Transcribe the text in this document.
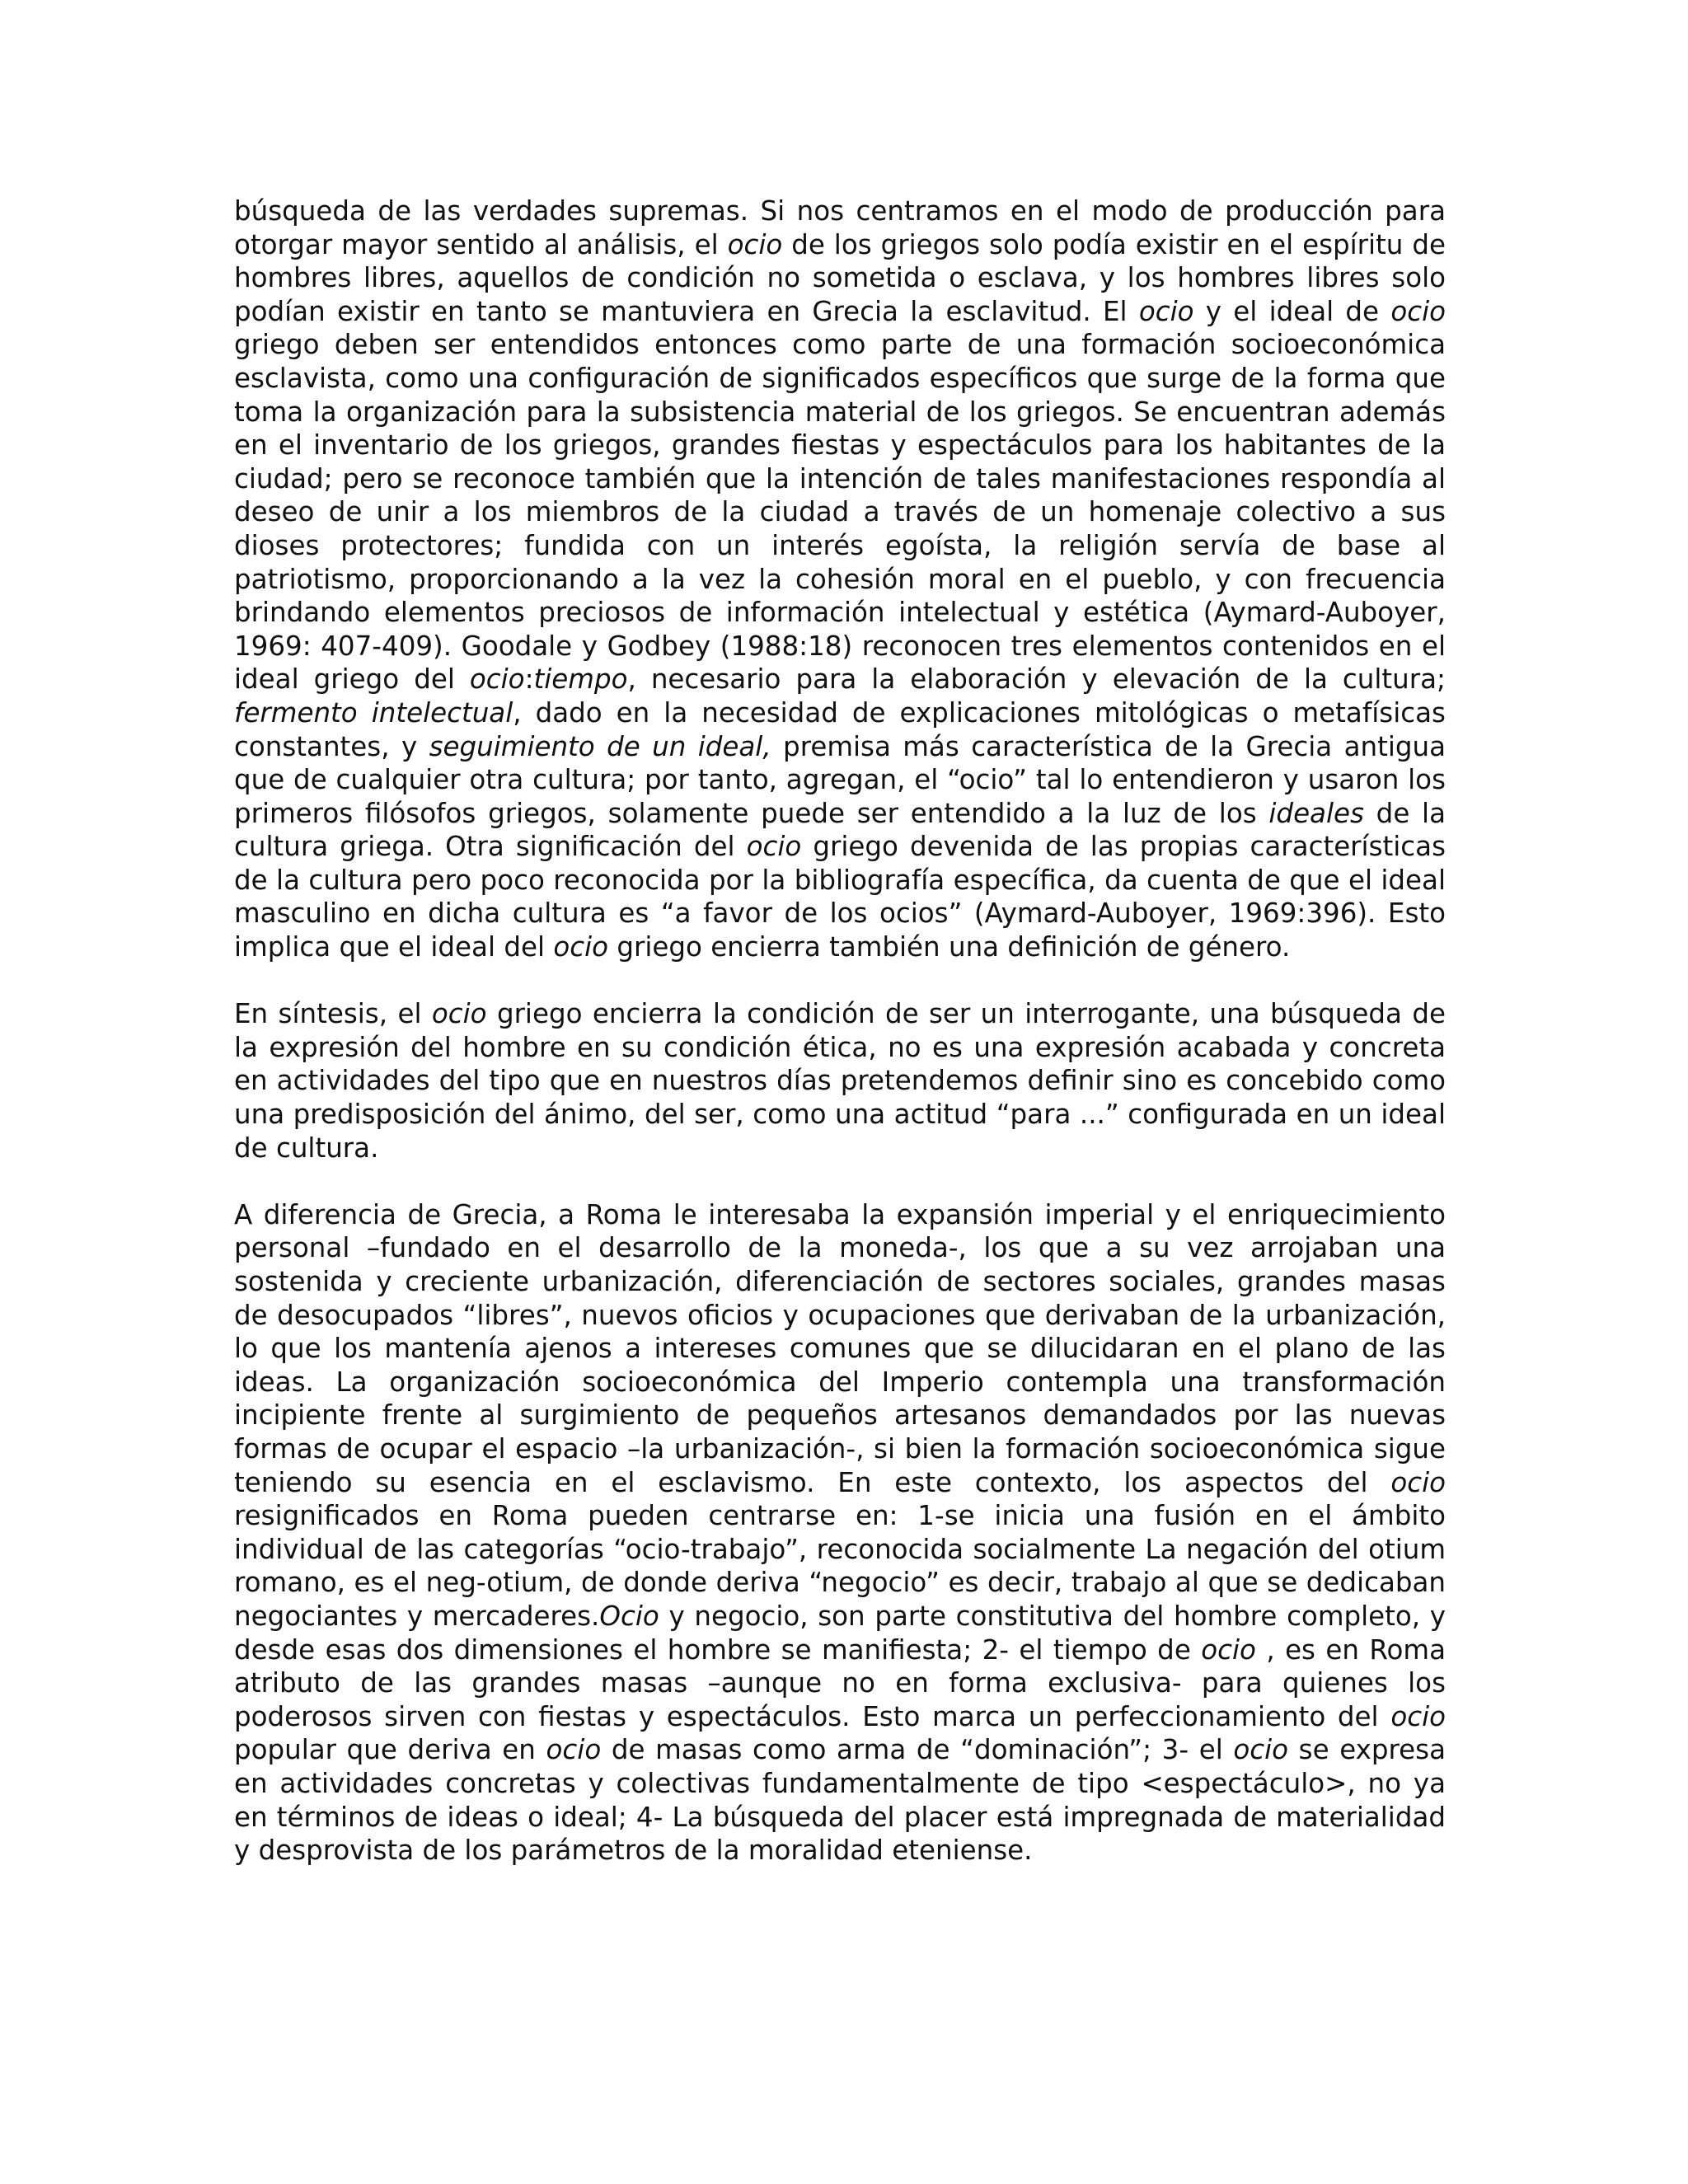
búsqueda de las verdades supremas. Si nos centramos en el modo de producción para otorgar mayor sentido al análisis, el ocio de los griegos solo podía existir en el espíritu de hombres libres, aquellos de condición no sometida o esclava, y los hombres libres solo podían existir en tanto se mantuviera en Grecia la esclavitud. El ocio y el ideal de ocio griego deben ser entendidos entonces como parte de una formación socioeconómica esclavista, como una configuración de significados específicos que surge de la forma que toma la organización para la subsistencia material de los griegos. Se encuentran además en el inventario de los griegos, grandes fiestas y espectáculos para los habitantes de la ciudad; pero se reconoce también que la intención de tales manifestaciones respondía al deseo de unir a los miembros de la ciudad a través de un homenaje colectivo a sus dioses protectores; fundida con un interés egoísta, la religión servía de base al patriotismo, proporcionando a la vez la cohesión moral en el pueblo, y con frecuencia brindando elementos preciosos de información intelectual y estética (Aymard-Auboyer, 1969: 407-409). Goodale y Godbey (1988:18) reconocen tres elementos contenidos en el ideal griego del ocio:tiempo, necesario para la elaboración y elevación de la cultura; fermento intelectual, dado en la necesidad de explicaciones mitológicas o metafísicas constantes, y seguimiento de un ideal, premisa más característica de la Grecia antigua que de cualquier otra cultura; por tanto, agregan, el “ocio” tal lo entendieron y usaron los primeros filósofos griegos, solamente puede ser entendido a la luz de los ideales de la cultura griega. Otra significación del ocio griego devenida de las propias características de la cultura pero poco reconocida por la bibliografía específica, da cuenta de que el ideal masculino en dicha cultura es “a favor de los ocios” (Aymard-Auboyer, 1969:396). Esto implica que el ideal del ocio griego encierra también una definición de género.

En síntesis, el ocio griego encierra la condición de ser un interrogante, una búsqueda de la expresión del hombre en su condición ética, no es una expresión acabada y concreta en actividades del tipo que en nuestros días pretendemos definir sino es concebido como una predisposición del ánimo, del ser, como una actitud “para ...” configurada en un ideal de cultura.

A diferencia de Grecia, a Roma le interesaba la expansión imperial y el enriquecimiento personal –fundado en el desarrollo de la moneda-, los que a su vez arrojaban una sostenida y creciente urbanización, diferenciación de sectores sociales, grandes masas de desocupados “libres”, nuevos oficios y ocupaciones que derivaban de la urbanización, lo que los mantenía ajenos a intereses comunes que se dilucidaran en el plano de las ideas. La organización socioeconómica del Imperio contempla una transformación incipiente frente al surgimiento de pequeños artesanos demandados por las nuevas formas de ocupar el espacio –la urbanización-, si bien la formación socioeconómica sigue teniendo su esencia en el esclavismo. En este contexto, los aspectos del ocio resignificados en Roma pueden centrarse en: 1-se inicia una fusión en el ámbito individual de las categorías “ocio-trabajo”, reconocida socialmente La negación del otium romano, es el neg-otium, de donde deriva “negocio” es decir, trabajo al que se dedicaban negociantes y mercaderes.Ocio y negocio, son parte constitutiva del hombre completo, y desde esas dos dimensiones el hombre se manifiesta; 2- el tiempo de ocio , es en Roma atributo de las grandes masas –aunque no en forma exclusiva- para quienes los poderosos sirven con fiestas y espectáculos. Esto marca un perfeccionamiento del ocio popular que deriva en ocio de masas como arma de “dominación”; 3- el ocio se expresa en actividades concretas y colectivas fundamentalmente de tipo <espectáculo>, no ya en términos de ideas o ideal; 4- La búsqueda del placer está impregnada de materialidad y desprovista de los parámetros de la moralidad eteniense.
